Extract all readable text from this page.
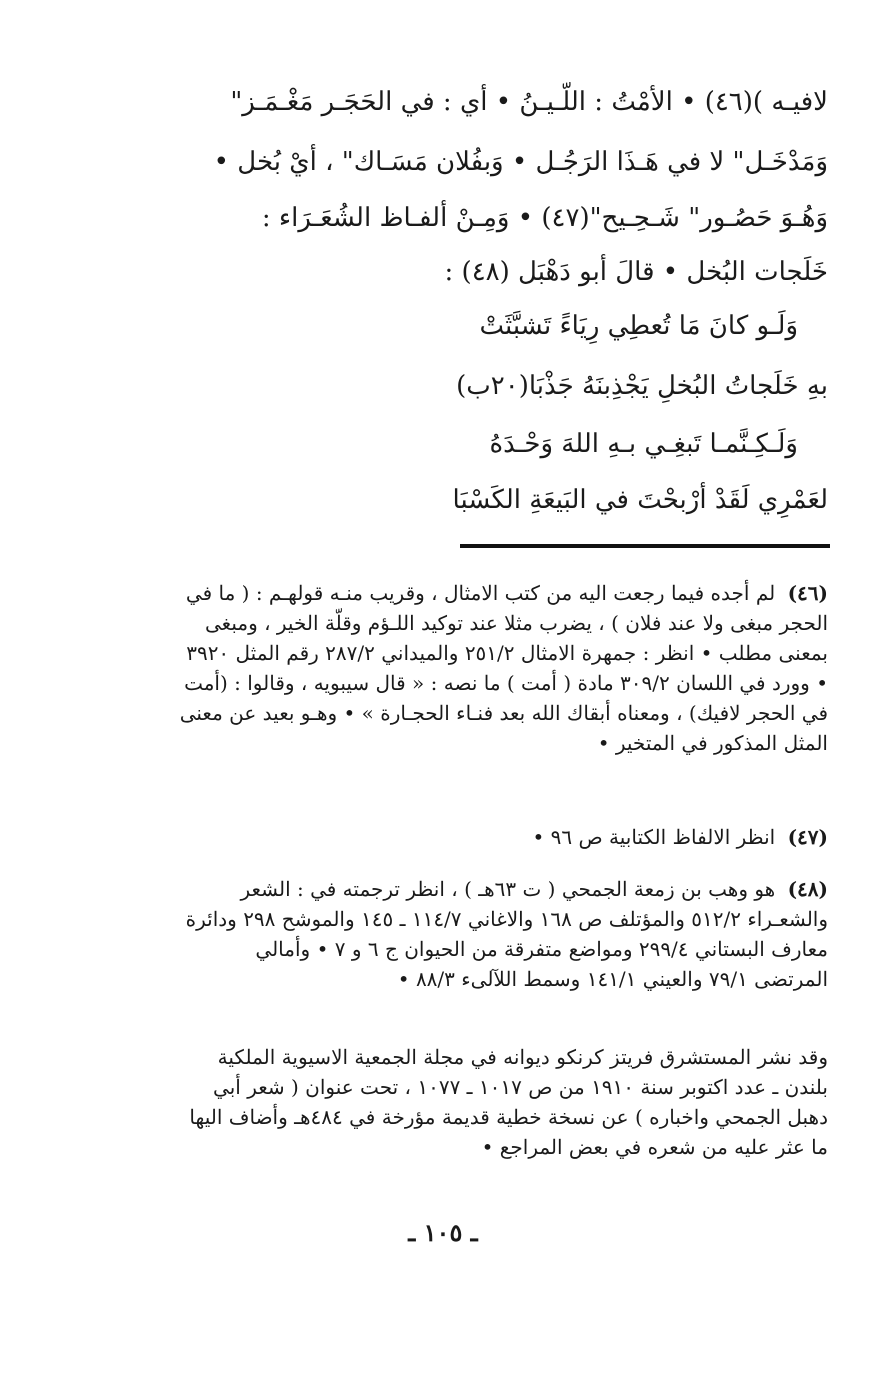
لافيـه )(٤٦) • الأمْتُ : اللّـيـنُ • أي : في الحَجَـر مَغْـمَـز"
وَمَدْخَـل" لا في هَـذَا الرَجُـل • وَبفُلان مَسَـاك" ، أيْ بُخل •
وَهُـوَ حَصُـور" شَـحِـيح"(٤٧) • وَمِـنْ ألفـاظ الشُعَـرَاء :
خَلَجات البُخل • قالَ أبو دَهْبَل (٤٨) :
وَلَـو كانَ مَا تُعطِي رِيَاءً تَشبَّثَتْ
بهِ خَلَجاتُ البُخلِ يَجْذِبنَهُ جَذْبَا(٢٠ب)
وَلَـكِـنَّمـا تَبغِـي بـهِ اللهَ وَحْـدَهُ
لعَمْرِي لَقَدْ أرْبحْتَ في البَيعَةِ الكَسْبَا
(٤٦) لم أجده فيما رجعت اليه من كتب الامثال ، وقريب منـه قولهـم : ( ما في الحجر مبغى ولا عند فلان ) ، يضرب مثلا عند توكيد اللـؤم وقلّة الخير ، ومبغى بمعنى مطلب • انظر : جمهرة الامثال ٢٥١/٢ والميداني ٢٨٧/٢ رقم المثل ٣٩٢٠ • وورد في اللسان ٣٠٩/٢ مادة ( أمت ) ما نصه : « قال سيبويه ، وقالوا : (أمت في الحجر لافيك) ، ومعناه أبقاك الله بعد فنـاء الحجـارة » • وهـو بعيد عن معنى المثل المذكور في المتخير •
(٤٧) انظر الالفاظ الكتابية ص ٩٦ •
(٤٨) هو وهب بن زمعة الجمحي ( ت ٦٣هـ ) ، انظر ترجمته في : الشعر والشعـراء ٥١٢/٢ والمؤتلف ص ١٦٨ والاغاني ١١٤/٧ ـ ١٤٥ والموشح ٢٩٨ ودائرة معارف البستاني ٢٩٩/٤ ومواضع متفرقة من الحيوان ج ٦ و ٧ • وأمالي المرتضى ٧٩/١ والعيني ١٤١/١ وسمط اللآلىء ٨٨/٣ •
وقد نشر المستشرق فريتز كرنكو ديوانه في مجلة الجمعية الاسيوية الملكية بلندن ـ عدد اكتوبر سنة ١٩١٠ من ص ١٠١٧ ـ ١٠٧٧ ، تحت عنوان ( شعر أبي دهبل الجمحي واخباره ) عن نسخة خطية قديمة مؤرخة في ٤٨٤هـ وأضاف اليها ما عثر عليه من شعره في بعض المراجع •
ـ ١٠٥ ـ
